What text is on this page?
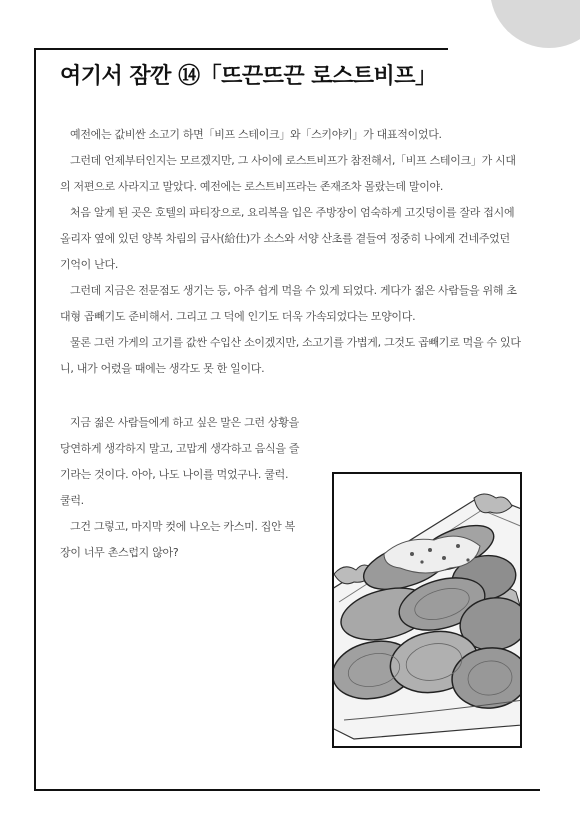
여기서 잠깐 ⑭「뜨끈뜨끈 로스트비프」

예전에는 값비싼 소고기 하면「비프 스테이크」와「스키야키」가 대표적이었다.

그런데 언제부터인지는 모르겠지만, 그 사이에 로스트비프가 참전해서,「비프 스테이크」가 시대의 저편으로 사라지고 말았다. 예전에는 로스트비프라는 존재조차 몰랐는데 말이야.

처음 알게 된 곳은 호텔의 파티장으로, 요리복을 입은 주방장이 엄숙하게 고깃덩이를 잘라 접시에 올리자 옆에 있던 양복 차림의 급사(給仕)가 소스와 서양 산초를 곁들여 정중히 나에게 건네주었던 기억이 난다.

그런데 지금은 전문점도 생기는 등, 아주 쉽게 먹을 수 있게 되었다. 게다가 젊은 사람들을 위해 초대형 곱빼기도 준비해서. 그리고 그 덕에 인기도 더욱 가속되었다는 모양이다.

물론 그런 가게의 고기를 값싼 수입산 소이겠지만, 소고기를 가볍게, 그것도 곱빼기로 먹을 수 있다니, 내가 어렸을 때에는 생각도 못 한 일이다.

지금 젊은 사람들에게 하고 싶은 말은 그런 상황을 당연하게 생각하지 말고, 고맙게 생각하고 음식을 즐기라는 것이다. 아아, 나도 나이를 먹었구나. 쿨럭. 쿨럭.

그건 그렇고, 마지막 컷에 나오는 카스미. 집안 복장이 너무 촌스럽지 않아?
